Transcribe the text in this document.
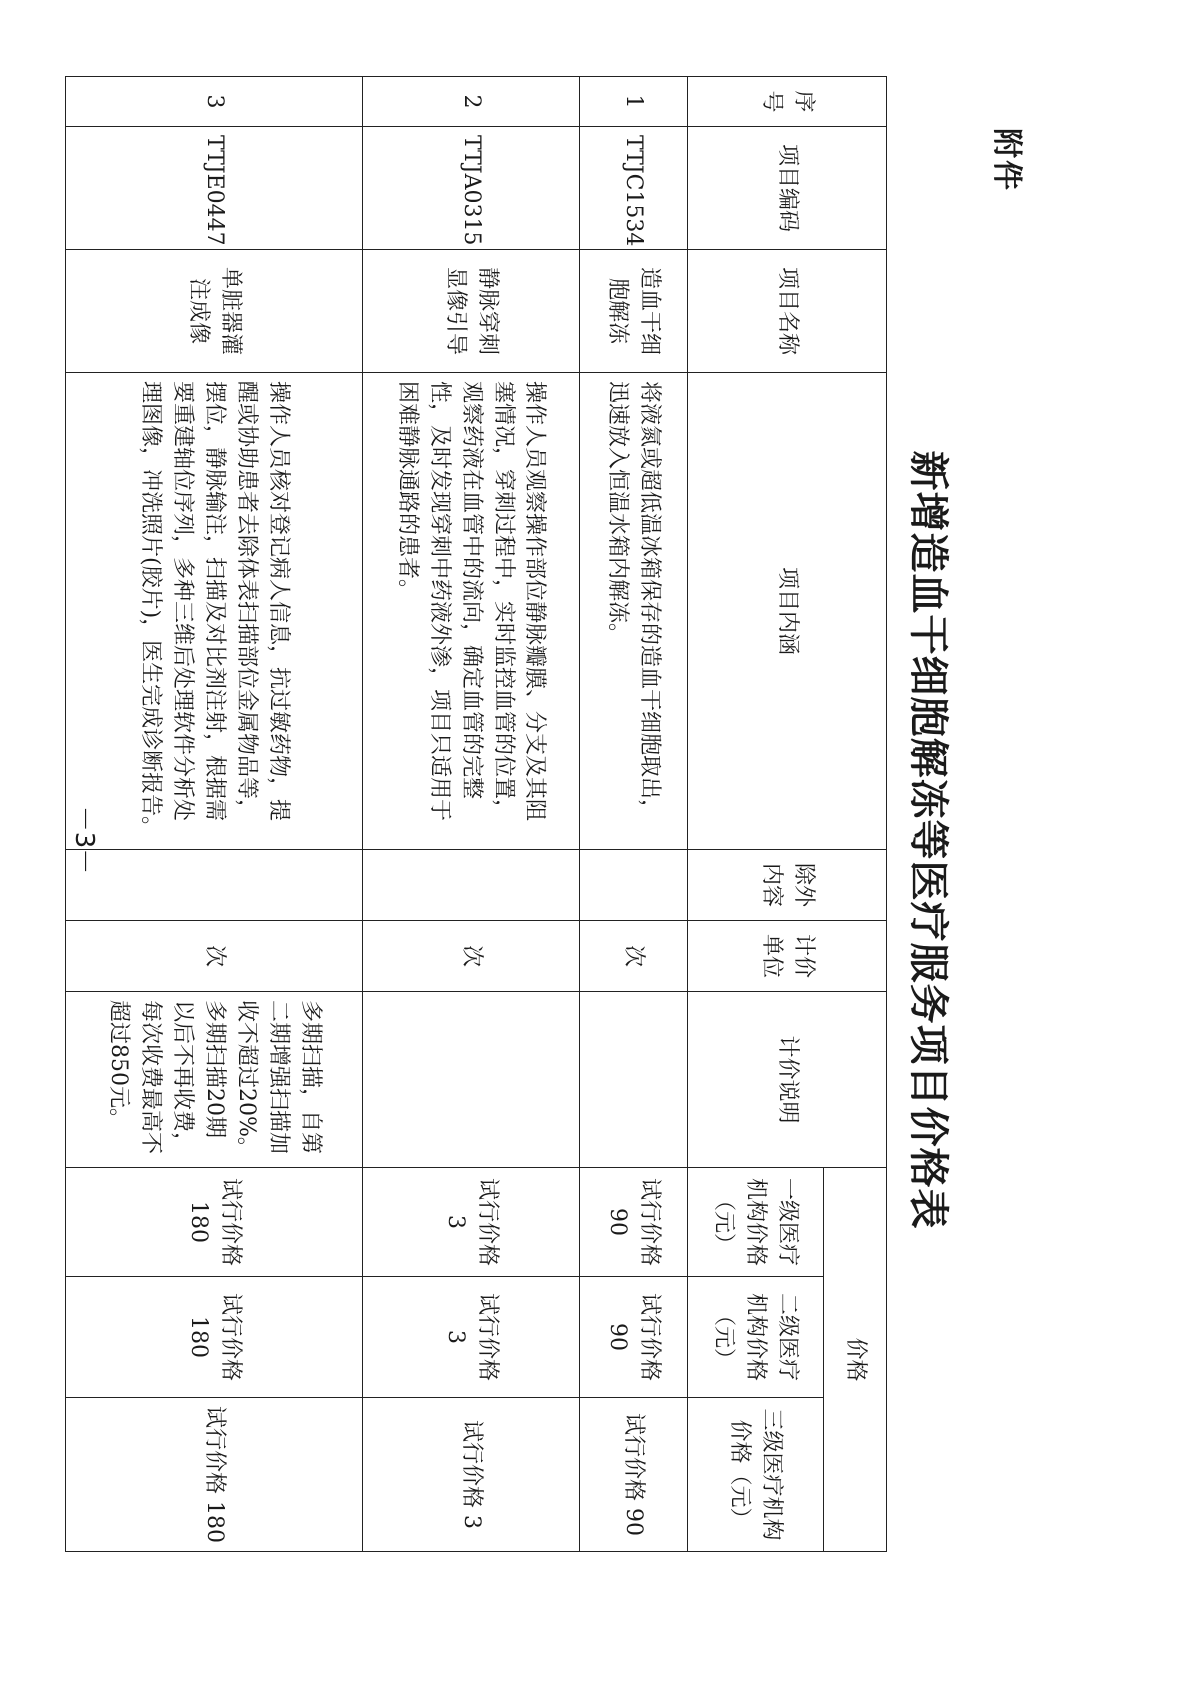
附件
新增造血干细胞解冻等医疗服务项目价格表
序号	项目编码	项目名称	项目内涵	除外内容	计价单位	计价说明	价格		
							一级医疗机构价格（元）	二级医疗机构价格（元）	三级医疗机构价格（元）
1	TTJC1534	造血干细胞解冻	将液氮或超低温冰箱保存的造血干细胞取出，迅速放入恒温水箱内解冻。		次		试行价格 90	试行价格 90	试行价格 90
2	TTJA0315	静脉穿刺显像引导	操作人员观察操作部位静脉瓣膜、分支及其阻塞情况，穿刺过程中，实时监控血管的位置，观察药液在血管中的流向，确定血管的完整性，及时发现穿刺中药液外渗，项目只适用于困难静脉通路的患者。		次		试行价格 3	试行价格 3	试行价格 3
3	TTJE0447	单脏器灌注成像	操作人员核对登记病人信息，抗过敏药物，提醒或协助患者去除体表扫描部位金属物品等，摆位，静脉输注，扫描及对比剂注射，根据需要重建轴位序列，多种三维后处理软件分析处理图像，冲洗照片(胶片)，医生完成诊断报告。		次	多期扫描，自第二期增强扫描加收不超过20%。多期扫描20期以后不再收费，每次收费最高不超过850元。	试行价格 180	试行价格 180	试行价格 180
－3－
